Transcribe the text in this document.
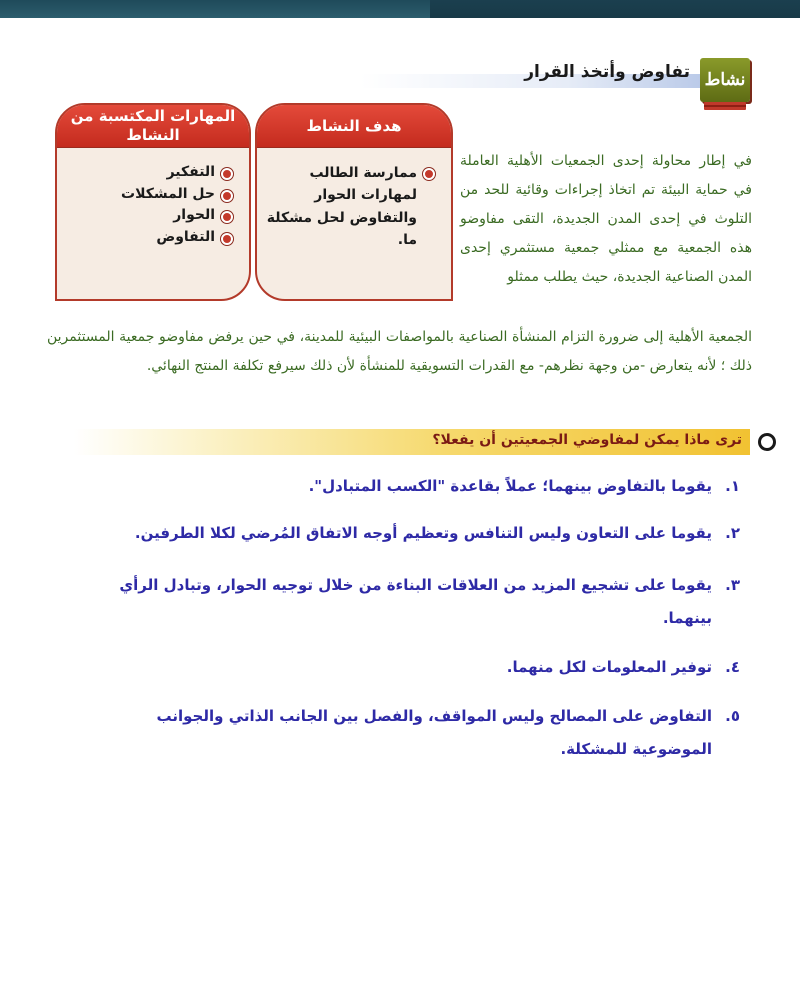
تفاوض وأتخذ القرار نشاط
هدف النشاط
ممارسة الطالب لمهارات الحوار والتفاوض لحل مشكلة ما.
المهارات المكتسبة من النشاط
التفكير
حل المشكلات
الحوار
التفاوض
في إطار محاولة إحدى الجمعيات الأهلية العاملة في حماية البيئة تم اتخاذ إجراءات وقائية للحد من التلوث في إحدى المدن الجديدة، التقى مفاوضو هذه الجمعية مع ممثلي جمعية مستثمري إحدى المدن الصناعية الجديدة، حيث يطلب ممثلو
الجمعية الأهلية إلى ضرورة التزام المنشأة الصناعية بالمواصفات البيئية للمدينة، في حين يرفض مفاوضو جمعية المستثمرين ذلك ؛ لأنه يتعارض -من وجهة نظرهم- مع القدرات التسويقية للمنشأة لأن ذلك سيرفع تكلفة المنتج النهائي.
ترى ماذا يمكن لمفاوضي الجمعيتين أن يفعلا؟
١.
يقوما بالتفاوض بينهما؛ عملاً بقاعدة "الكسب المتبادل".
٢.
يقوما على التعاون وليس التنافس وتعظيم أوجه الاتفاق المُرضي لكلا الطرفين.
٣.
يقوما على تشجيع المزيد من العلاقات البناءة من خلال توجيه الحوار، وتبادل الرأي بينهما.
٤.
توفير المعلومات لكل منهما.
٥.
التفاوض على المصالح وليس المواقف، والفصل بين الجانب الذاتي والجوانب الموضوعية للمشكلة.
